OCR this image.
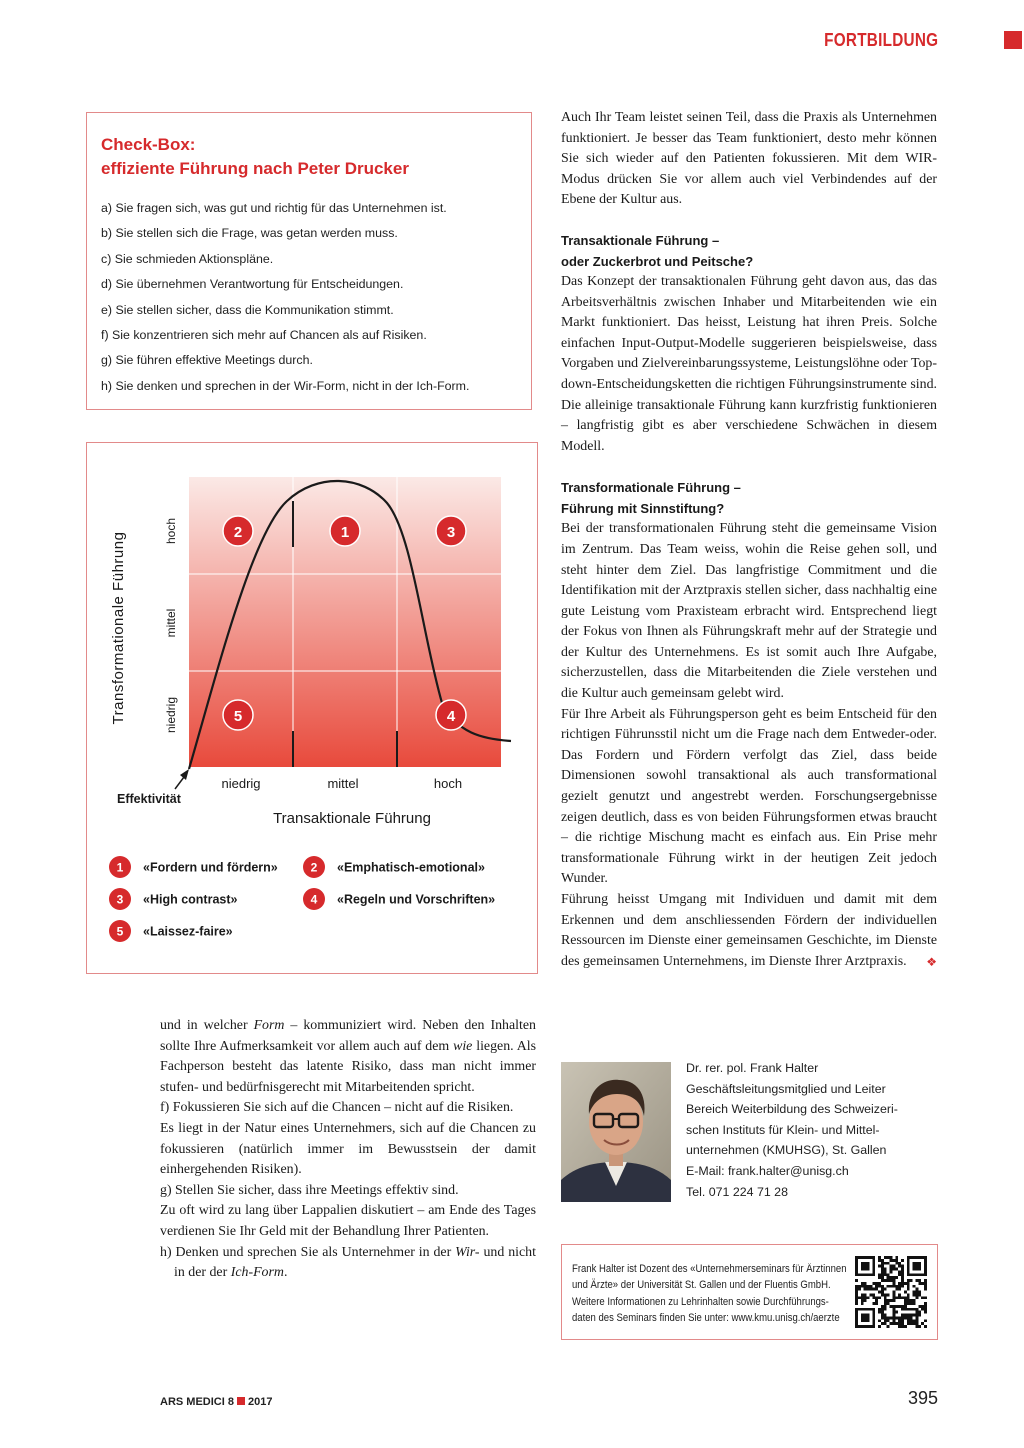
FORTBILDUNG
Check-Box:
effiziente Führung nach Peter Drucker
a) Sie fragen sich, was gut und richtig für das Unternehmen ist.
b) Sie stellen sich die Frage, was getan werden muss.
c) Sie schmieden Aktionspläne.
d) Sie übernehmen Verantwortung für Entscheidungen.
e) Sie stellen sicher, dass die Kommunikation stimmt.
f) Sie konzentrieren sich mehr auf Chancen als auf Risiken.
g) Sie führen effektive Meetings durch.
h) Sie denken und sprechen in der Wir-Form, nicht in der Ich-Form.
2	1	3
5	4
Transformationale Führung	niedrig
mittel
hoch
niedrig	mittel	hoch
Effektivität
Transaktionale Führung
1 «Fordern und fördern»	2 «Emphatisch-emotional»
3 «High contrast»	4 «Regeln und Vorschriften»
5 «Laissez-faire»

Auch Ihr Team leistet seinen Teil, dass die Praxis als Unternehmen funktioniert. Je besser das Team funktioniert, desto mehr können Sie sich wieder auf den Patienten fokussieren. Mit dem WIR-Modus drücken Sie vor allem auch viel Verbindendes auf der Ebene der Kultur aus.

Transaktionale Führung –
oder Zuckerbrot und Peitsche?

Das Konzept der transaktionalen Führung geht davon aus, das das Arbeitsverhältnis zwischen Inhaber und Mitarbeitenden wie ein Markt funktioniert. Das heisst, Leistung hat ihren Preis. Solche einfachen Input-Output-Modelle suggerieren beispielsweise, dass Vorgaben und Zielvereinbarungssysteme, Leistungslöhne oder Top-down-Entscheidungsketten die richtigen Führungsinstrumente sind. Die alleinige transaktionale Führung kann kurzfristig funktionieren – langfristig gibt es aber verschiedene Schwächen in diesem Modell.

Transformationale Führung –
Führung mit Sinnstiftung?

Bei der transformationalen Führung steht die gemeinsame Vision im Zentrum. Das Team weiss, wohin die Reise gehen soll, und steht hinter dem Ziel. Das langfristige Commitment und die Identifikation mit der Arztpraxis stellen sicher, dass nachhaltig eine gute Leistung vom Praxisteam erbracht wird. Entsprechend liegt der Fokus von Ihnen als Führungskraft mehr auf der Strategie und der Kultur des Unternehmens. Es ist somit auch Ihre Aufgabe, sicherzustellen, dass die Mitarbeitenden die Ziele verstehen und die Kultur auch gemeinsam gelebt wird.

Für Ihre Arbeit als Führungsperson geht es beim Entscheid für den richtigen Führunsstil nicht um die Frage nach dem Entweder-oder. Das Fordern und Fördern verfolgt das Ziel, dass beide Dimensionen sowohl transaktional als auch transformational gezielt genutzt und angestrebt werden. Forschungsergebnisse zeigen deutlich, dass es von beiden Führungsformen etwas braucht – die richtige Mischung macht es einfach aus. Ein Prise mehr transformationale Führung wirkt in der heutigen Zeit jedoch Wunder.

Führung heisst Umgang mit Individuen und damit mit dem Erkennen und dem anschliessenden Fördern der individuellen Ressourcen im Dienste einer gemeinsamen Geschichte, im Dienste des gemeinsamen Unternehmens, im Dienste Ihrer Arztpraxis. ❖

und in welcher Form – kommuniziert wird. Neben den Inhalten sollte Ihre Aufmerksamkeit vor allem auch auf dem wie liegen. Als Fachperson besteht das latente Risiko, dass man nicht immer stufen- und bedürfnisgerecht mit Mitarbeitenden spricht.

f) Fokussieren Sie sich auf die Chancen – nicht auf die Risiken.

Es liegt in der Natur eines Unternehmers, sich auf die Chancen zu fokussieren (natürlich immer im Bewusstsein der damit einhergehenden Risiken).

g) Stellen Sie sicher, dass ihre Meetings effektiv sind.

Zu oft wird zu lang über Lappalien diskutiert – am Ende des Tages verdienen Sie Ihr Geld mit der Behandlung Ihrer Patienten.

h) Denken und sprechen Sie als Unternehmer in der Wir- und nicht in der der Ich-Form.

Dr. rer. pol. Frank Halter
Geschäftsleitungsmitglied und Leiter
Bereich Weiterbildung des Schweizeri-
schen Instituts für Klein- und Mittel-
unternehmen (KMUHSG), St. Gallen
E-Mail: frank.halter@unisg.ch
Tel. 071 224 71 28
Frank Halter ist Dozent des «Unternehmerseminars für Ärztinnen
und Ärzte» der Universität St. Gallen und der Fluentis GmbH.
Weitere Informationen zu Lehrinhalten sowie Durchführungs-
daten des Seminars finden Sie unter: www.kmu.unisg.ch/aerzte
ARS MEDICI 8 2017	395
